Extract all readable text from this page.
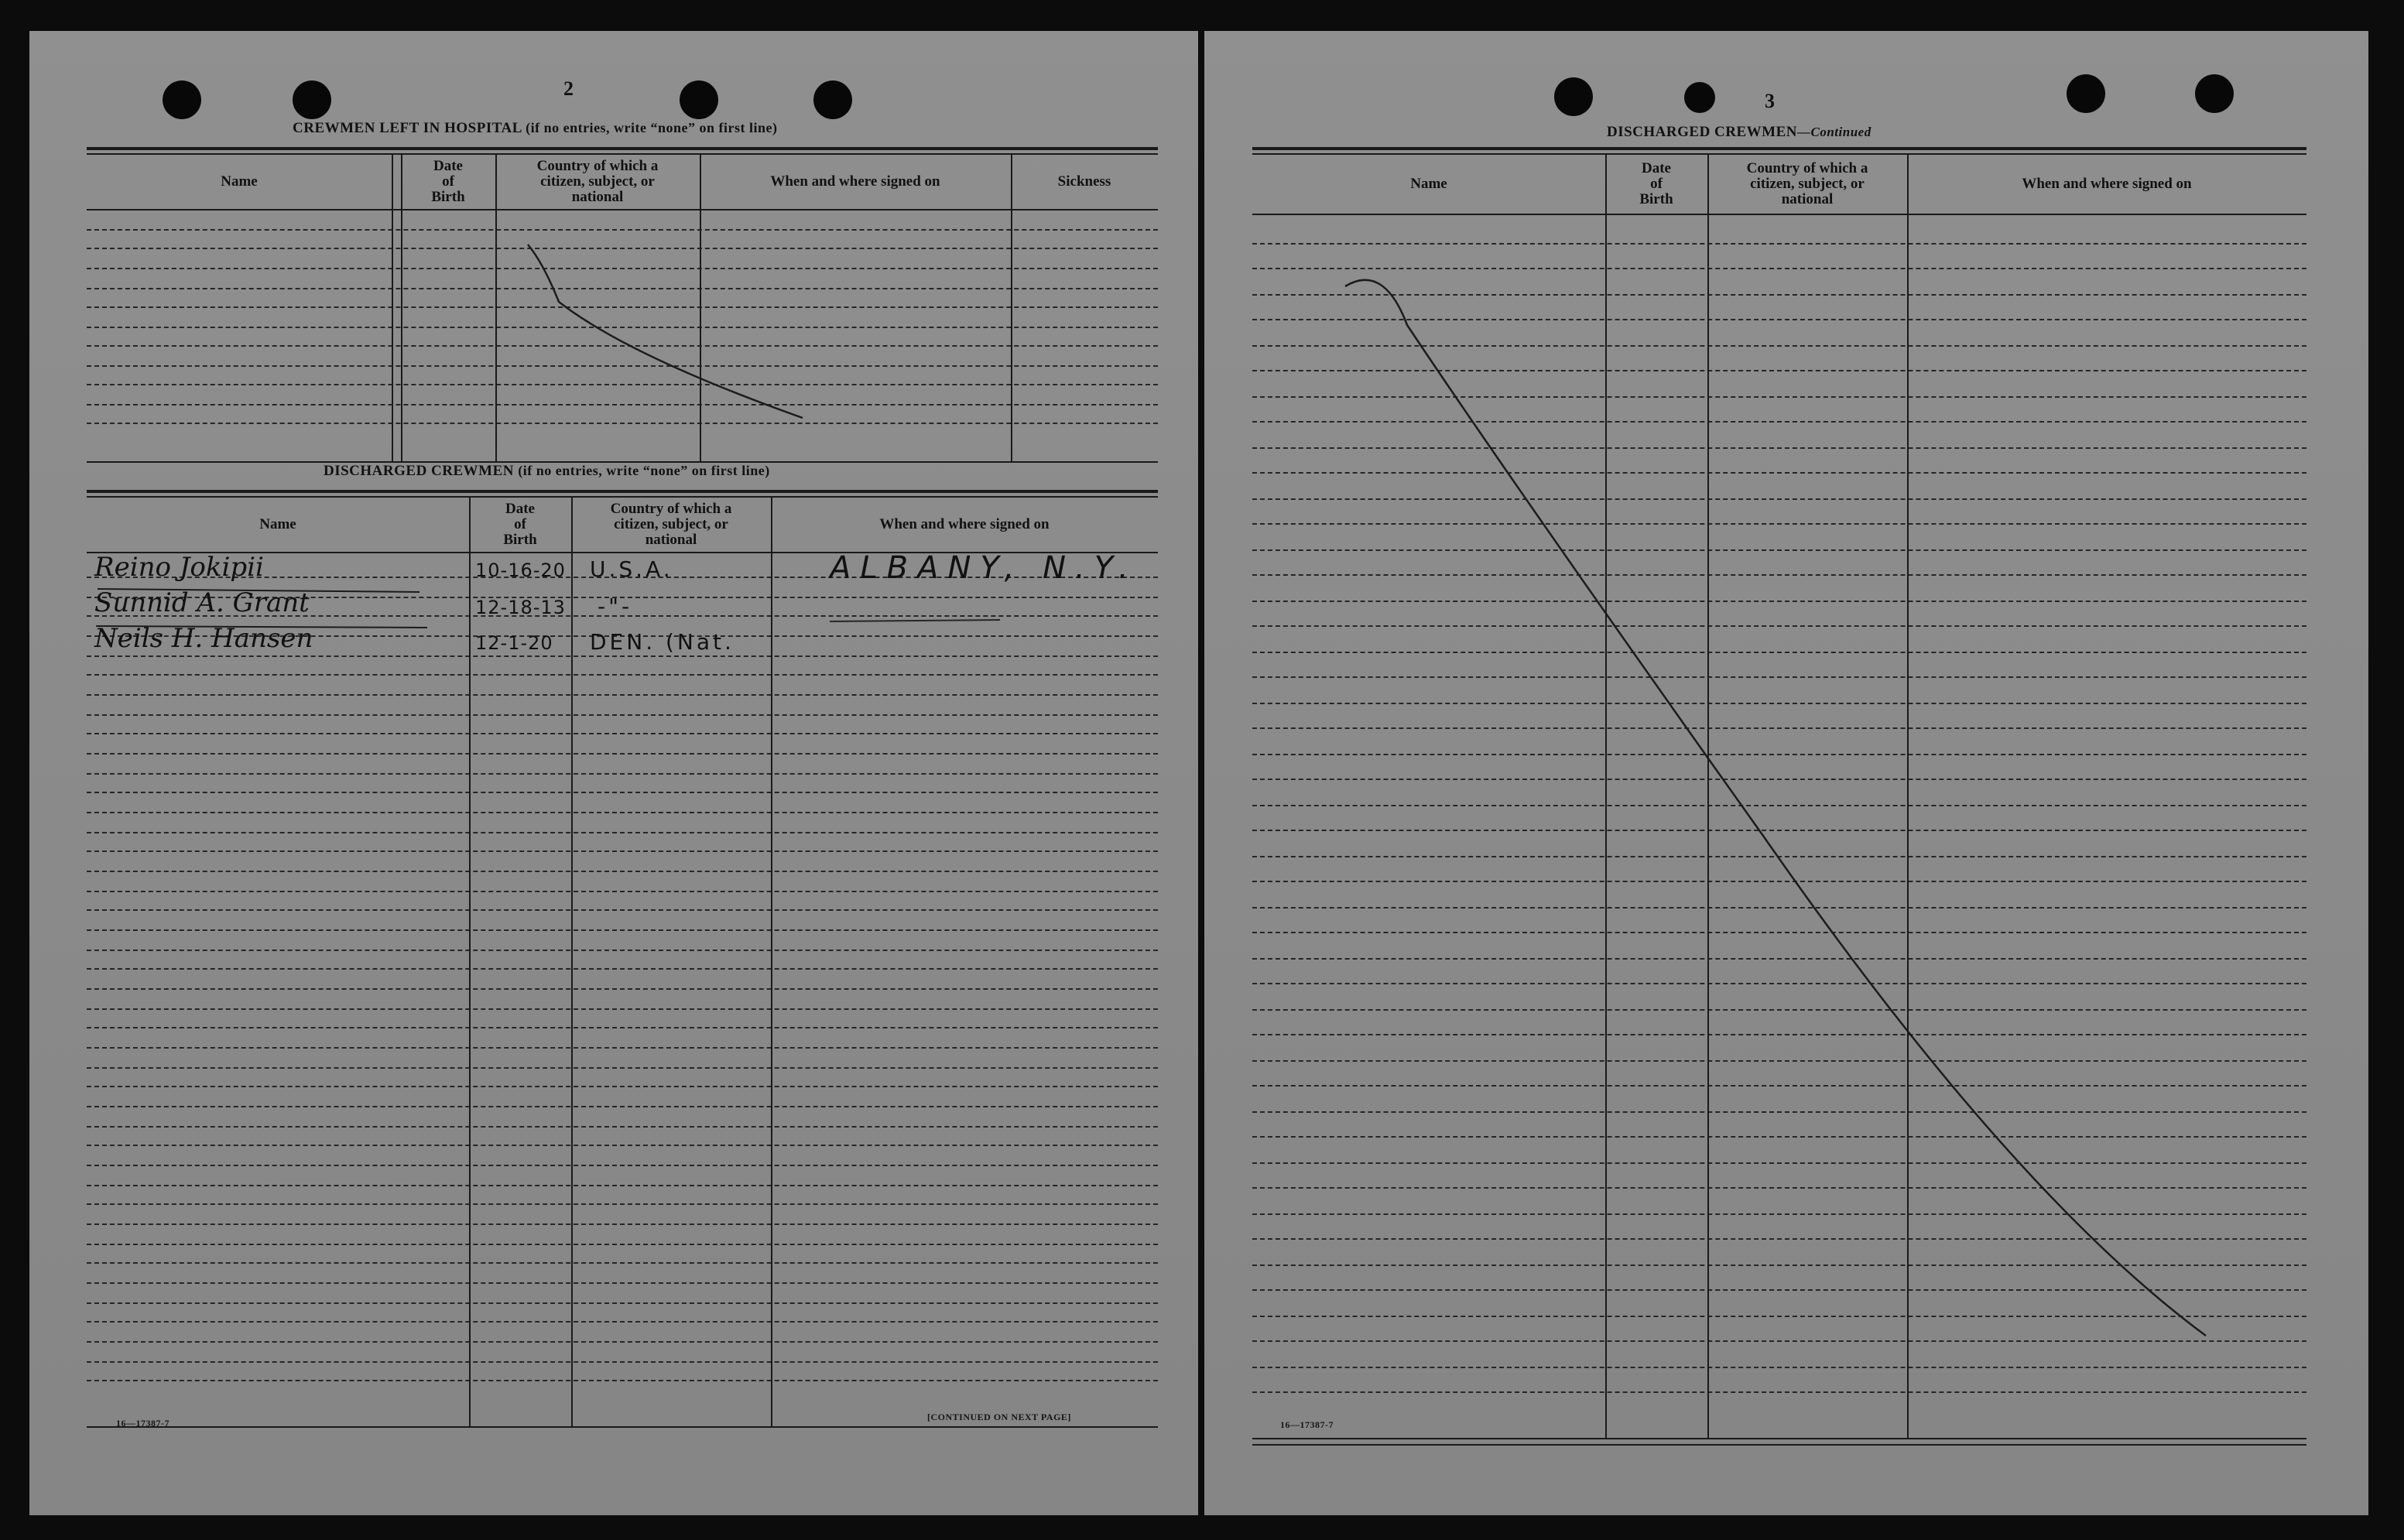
2
CREWMEN LEFT IN HOSPITAL (if no entries, write “none” on first line)
Name
Date
of
Birth
Country of which a
citizen, subject, or
national
When and where signed on	Sickness
DISCHARGED CREWMEN (if no entries, write “none” on first line)
Name
Date
of
Birth
Country of which a
citizen, subject, or
national
When and where signed on
Reino Jokipii	10-16-20 U.S.A.	ALBANY, N.Y.
Sunnid A. Grant	12-18-13 -"-
Neils H. Hansen	12-1-20 DEN. (Nat.
16—17387-7
[CONTINUED ON NEXT PAGE]
3
DISCHARGED CREWMEN—Continued
Name
Date
of
Birth
Country of which a
citizen, subject, or
national
When and where signed on
16—17387-7
